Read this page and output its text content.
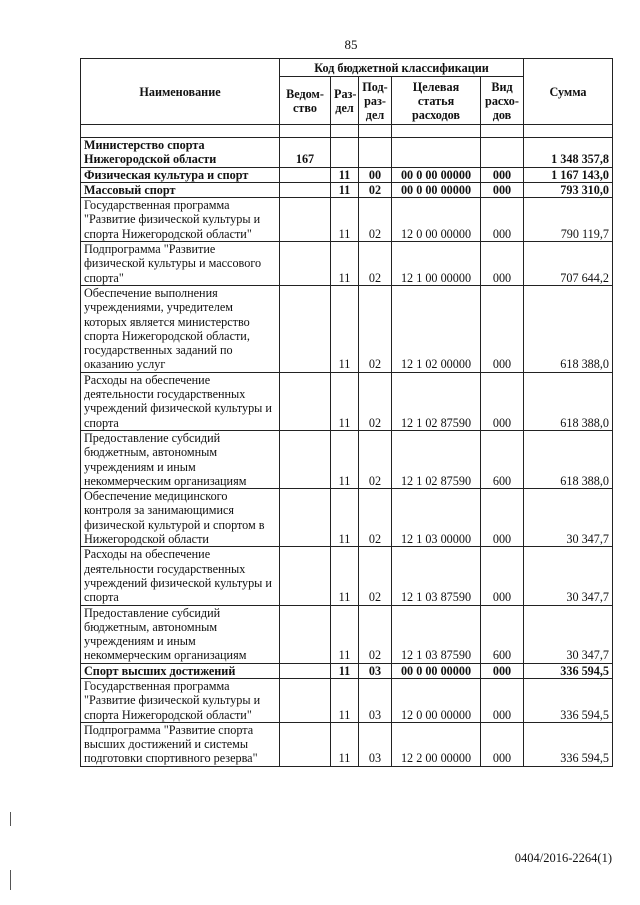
85
Наименование	Код бюджетной классификации					Сумма
	Ведом-ство	Раз-дел	Под-раз-дел	Целевая статья расходов	Вид расхо-дов	

Министерство спорта Нижегородской области	167					1 348 357,8
Физическая культура и спорт		11	00	00 0 00 00000	000	1 167 143,0
Массовый спорт		11	02	00 0 00 00000	000	793 310,0
Государственная программа "Развитие физической культуры и спорта Нижегородской области"		11	02	12 0 00 00000	000	790 119,7
Подпрограмма "Развитие физической культуры и массового спорта"		11	02	12 1 00 00000	000	707 644,2
Обеспечение выполнения учреждениями, учредителем которых является министерство спорта Нижегородской области, государственных заданий по оказанию услуг		11	02	12 1 02 00000	000	618 388,0
Расходы на обеспечение деятельности государственных учреждений физической культуры и спорта		11	02	12 1 02 87590	000	618 388,0
Предоставление субсидий бюджетным, автономным учреждениям и иным некоммерческим организациям		11	02	12 1 02 87590	600	618 388,0
Обеспечение медицинского контроля за занимающимися физической культурой и спортом в Нижегородской области		11	02	12 1 03 00000	000	30 347,7
Расходы на обеспечение деятельности государственных учреждений физической культуры и спорта		11	02	12 1 03 87590	000	30 347,7
Предоставление субсидий бюджетным, автономным учреждениям и иным некоммерческим организациям		11	02	12 1 03 87590	600	30 347,7
Спорт высших достижений		11	03	00 0 00 00000	000	336 594,5
Государственная программа "Развитие физической культуры и спорта Нижегородской области"		11	03	12 0 00 00000	000	336 594,5
Подпрограмма "Развитие спорта высших достижений и системы подготовки спортивного резерва"		11	03	12 2 00 00000	000	336 594,5
0404/2016-2264(1)
